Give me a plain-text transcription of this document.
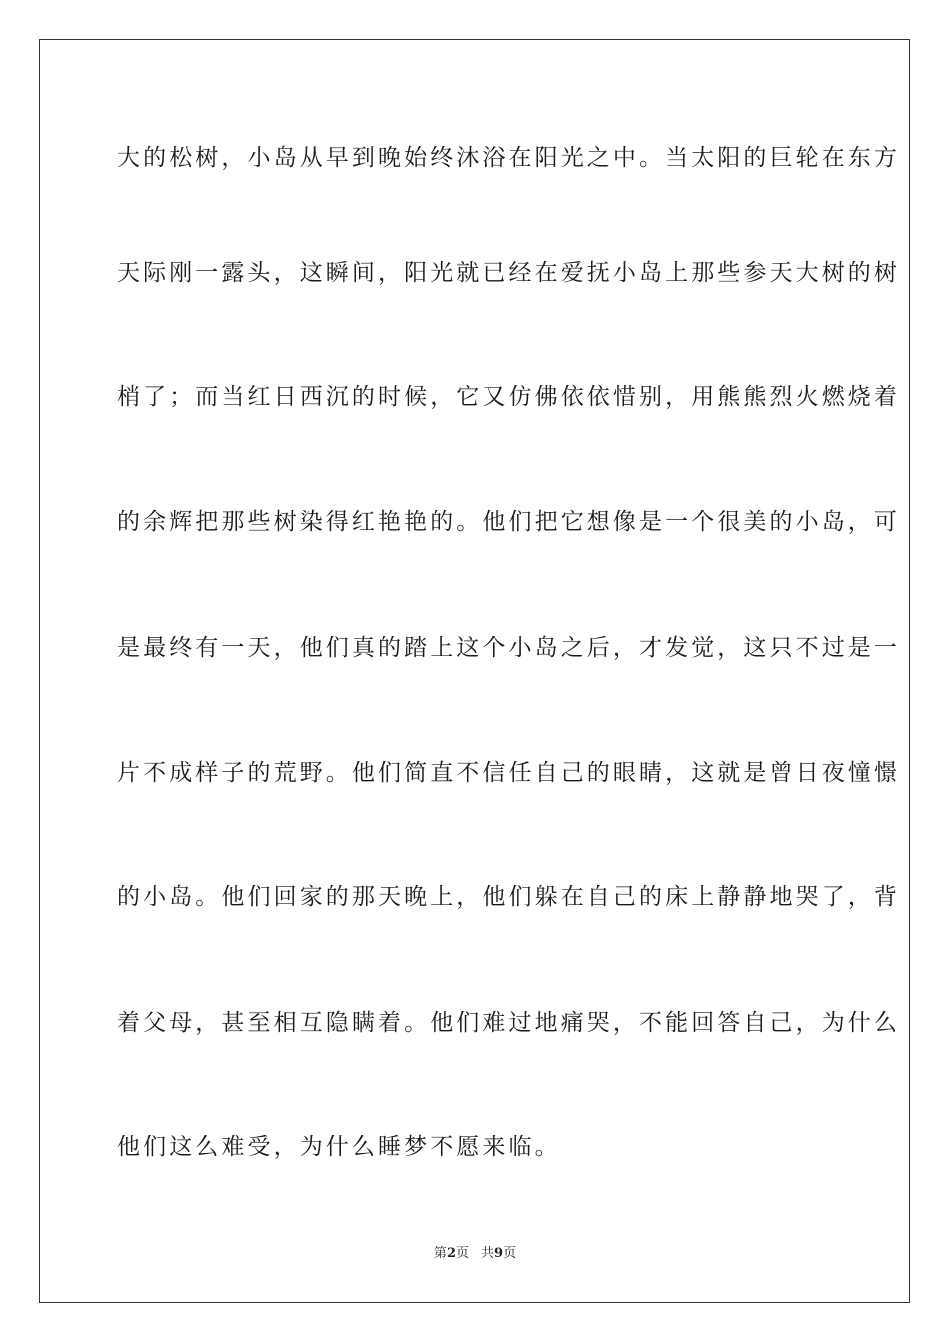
大的松树，小岛从早到晚始终沐浴在阳光之中。当太阳的巨轮在东方
天际刚一露头，这瞬间，阳光就已经在爱抚小岛上那些参天大树的树
梢了；而当红日西沉的时候，它又仿佛依依惜别，用熊熊烈火燃烧着
的余辉把那些树染得红艳艳的。他们把它想像是一个很美的小岛，可
是最终有一天，他们真的踏上这个小岛之后，才发觉，这只不过是一
片不成样子的荒野。他们简直不信任自己的眼睛，这就是曾日夜憧憬
的小岛。他们回家的那天晚上，他们躲在自己的床上静静地哭了，背
着父母，甚至相互隐瞒着。他们难过地痛哭，不能回答自己，为什么
他们这么难受，为什么睡梦不愿来临。
第2页 共9页
